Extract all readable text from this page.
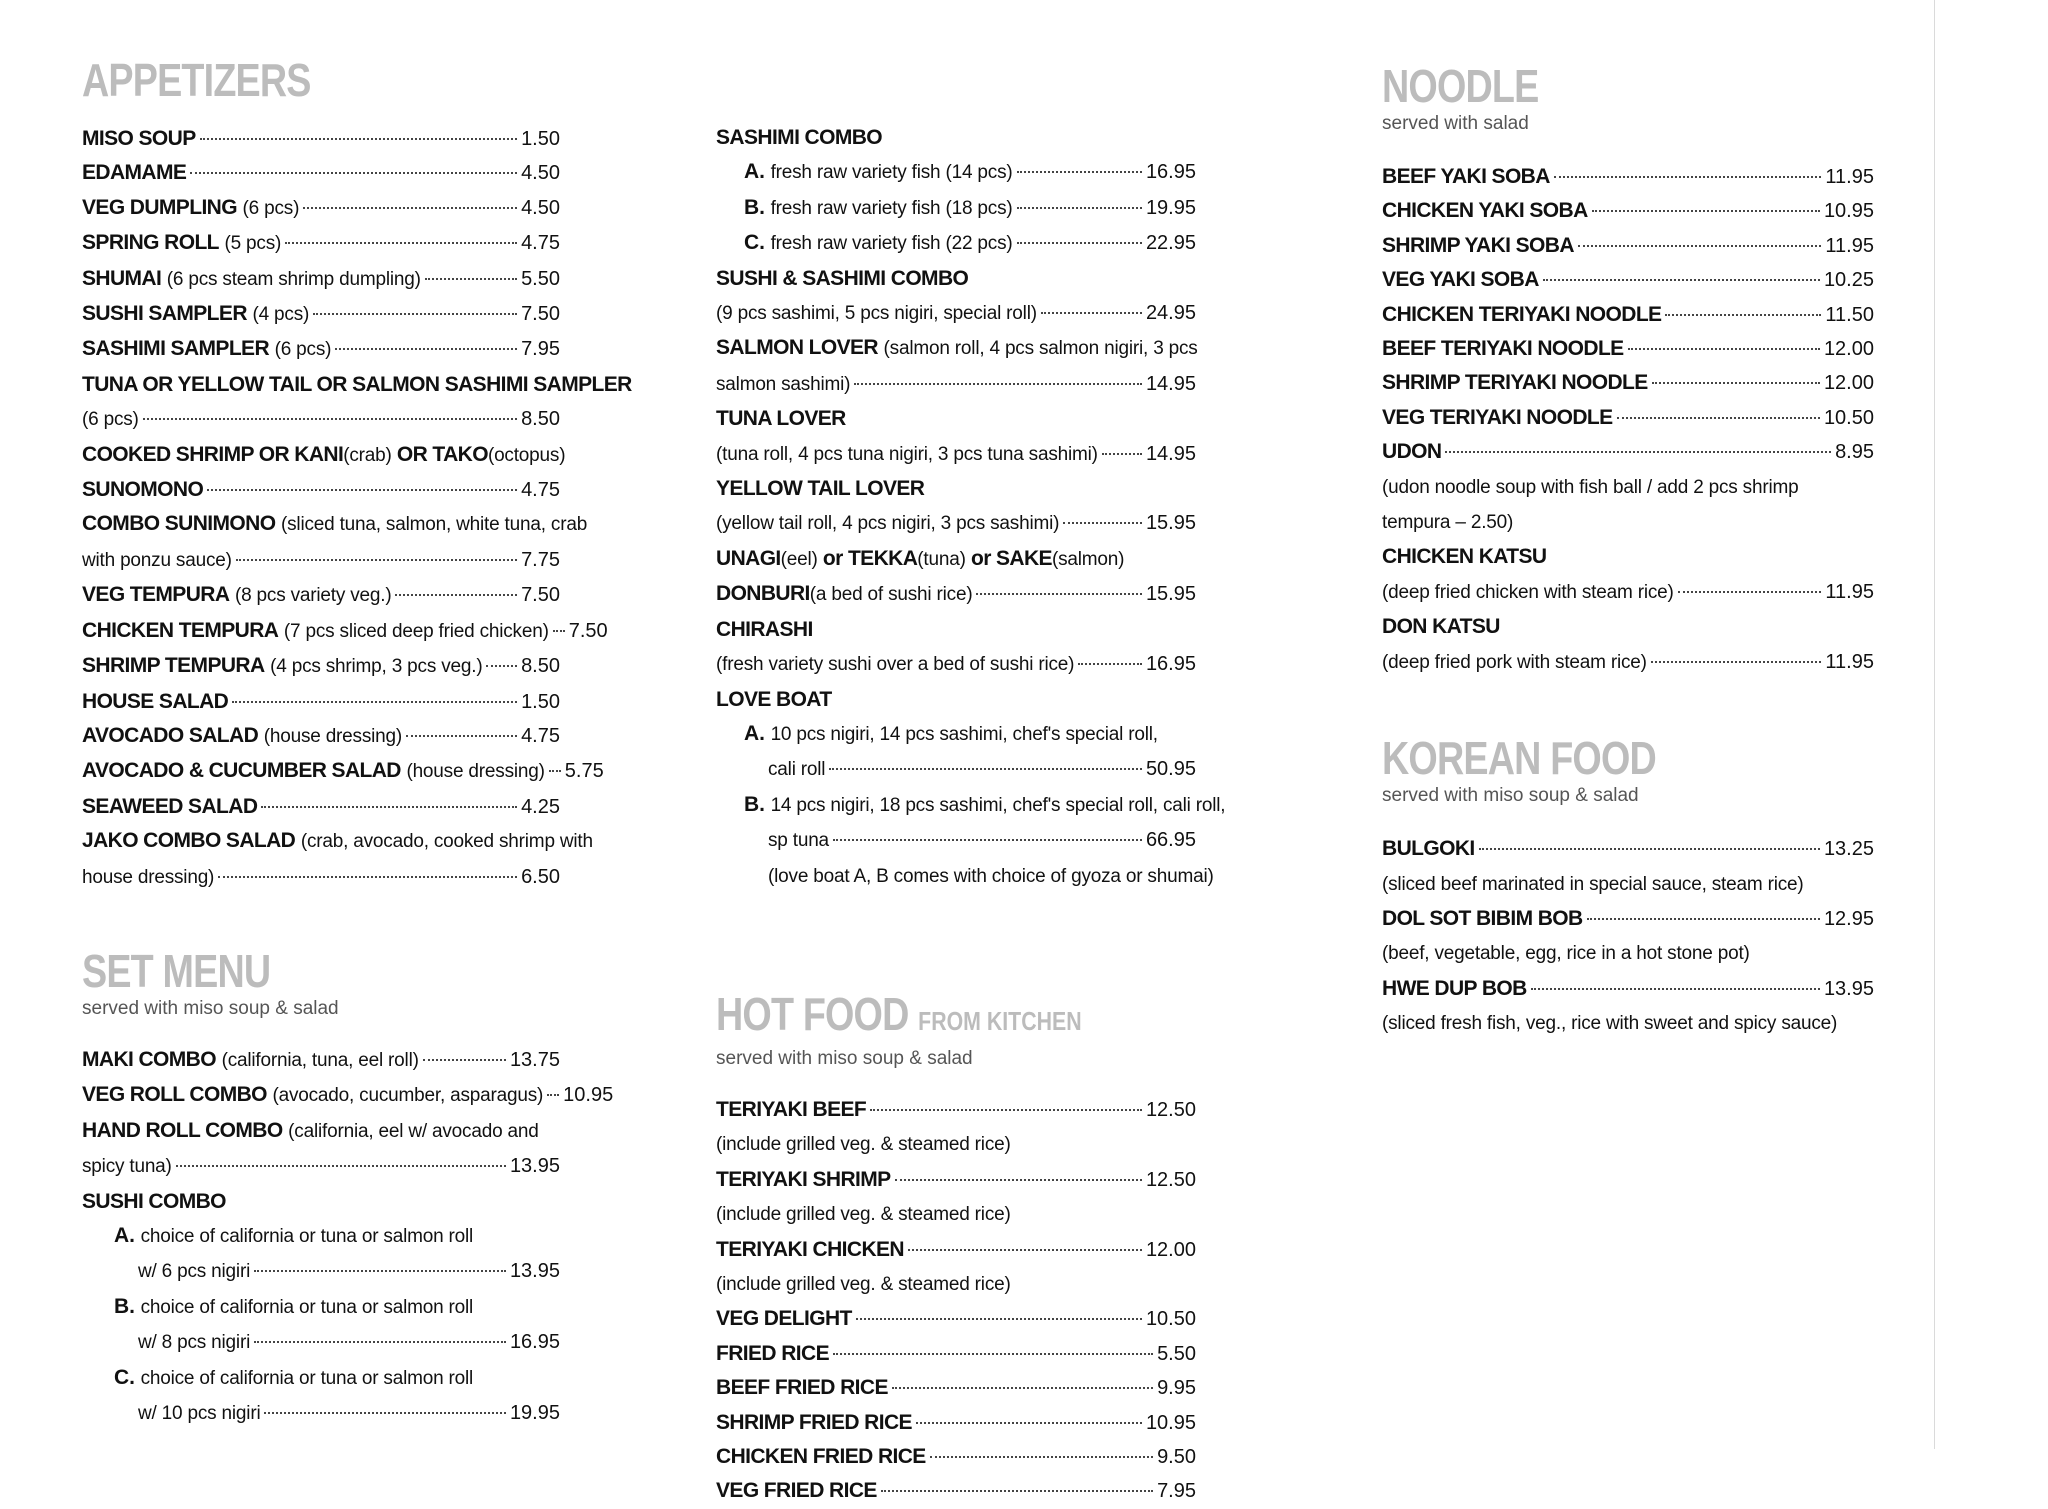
APPETIZERS
MISO SOUP	1.50
EDAMAME	4.50
VEG DUMPLING (6 pcs)	4.50
SPRING ROLL (5 pcs)	4.75
SHUMAI (6 pcs steam shrimp dumpling)	5.50
SUSHI SAMPLER (4 pcs)	7.50
SASHIMI SAMPLER (6 pcs)	7.95
TUNA OR YELLOW TAIL OR SALMON SASHIMI SAMPLER
(6 pcs)	8.50
COOKED SHRIMP OR KANI(crab) OR TAKO(octopus)
SUNOMONO	4.75
COMBO SUNIMONO (sliced tuna, salmon, white tuna, crab
with ponzu sauce)	7.75
VEG TEMPURA (8 pcs variety veg.)	7.50
CHICKEN TEMPURA (7 pcs sliced deep fried chicken) 7.50
SHRIMP TEMPURA (4 pcs shrimp, 3 pcs veg.) 8.50
HOUSE SALAD	1.50
AVOCADO SALAD (house dressing)	4.75
AVOCADO & CUCUMBER SALAD (house dressing) 5.75
SEAWEED SALAD	4.25
JAKO COMBO SALAD (crab, avocado, cooked shrimp with
house dressing)	6.50
SET MENU
served with miso soup & salad
MAKI COMBO (california, tuna, eel roll)	13.75
VEG ROLL COMBO (avocado, cucumber, asparagus) 10.95
HAND ROLL COMBO (california, eel w/ avocado and
spicy tuna)	13.95
SUSHI COMBO
A. choice of california or tuna or salmon roll
w/ 6 pcs nigiri	13.95
B. choice of california or tuna or salmon roll
w/ 8 pcs nigiri	16.95
C. choice of california or tuna or salmon roll
w/ 10 pcs nigiri	19.95
SASHIMI COMBO
A. fresh raw variety fish (14 pcs)	16.95
B. fresh raw variety fish (18 pcs)	19.95
C. fresh raw variety fish (22 pcs)	22.95
SUSHI & SASHIMI COMBO
(9 pcs sashimi, 5 pcs nigiri, special roll)	24.95
SALMON LOVER (salmon roll, 4 pcs salmon nigiri, 3 pcs
salmon sashimi)	14.95
TUNA LOVER
(tuna roll, 4 pcs tuna nigiri, 3 pcs tuna sashimi) 14.95
YELLOW TAIL LOVER
(yellow tail roll, 4 pcs nigiri, 3 pcs sashimi)	15.95
UNAGI(eel) or TEKKA(tuna) or SAKE(salmon)
DONBURI(a bed of sushi rice)	15.95
CHIRASHI
(fresh variety sushi over a bed of sushi rice)	16.95
LOVE BOAT
A. 10 pcs nigiri, 14 pcs sashimi, chef's special roll,
cali roll	50.95
B. 14 pcs nigiri, 18 pcs sashimi, chef's special roll, cali roll,
sp tuna	66.95
(love boat A, B comes with choice of gyoza or shumai)
HOT FOOD FROM KITCHEN
served with miso soup & salad
TERIYAKI BEEF	12.50
(include grilled veg. & steamed rice)
TERIYAKI SHRIMP	12.50
(include grilled veg. & steamed rice)
TERIYAKI CHICKEN	12.00
(include grilled veg. & steamed rice)
VEG DELIGHT	10.50
FRIED RICE	5.50
BEEF FRIED RICE	9.95
SHRIMP FRIED RICE	10.95
CHICKEN FRIED RICE	9.50
VEG FRIED RICE	7.95
NOODLE
served with salad
BEEF YAKI SOBA	11.95
CHICKEN YAKI SOBA	10.95
SHRIMP YAKI SOBA	11.95
VEG YAKI SOBA	10.25
CHICKEN TERIYAKI NOODLE	11.50
BEEF TERIYAKI NOODLE	12.00
SHRIMP TERIYAKI NOODLE	12.00
VEG TERIYAKI NOODLE	10.50
UDON	8.95
(udon noodle soup with fish ball / add 2 pcs shrimp
tempura – 2.50)
CHICKEN KATSU
(deep fried chicken with steam rice)	11.95
DON KATSU
(deep fried pork with steam rice)	11.95
KOREAN FOOD
served with miso soup & salad
BULGOKI	13.25
(sliced beef marinated in special sauce, steam rice)
DOL SOT BIBIM BOB	12.95
(beef, vegetable, egg, rice in a hot stone pot)
HWE DUP BOB	13.95
(sliced fresh fish, veg., rice with sweet and spicy sauce)
